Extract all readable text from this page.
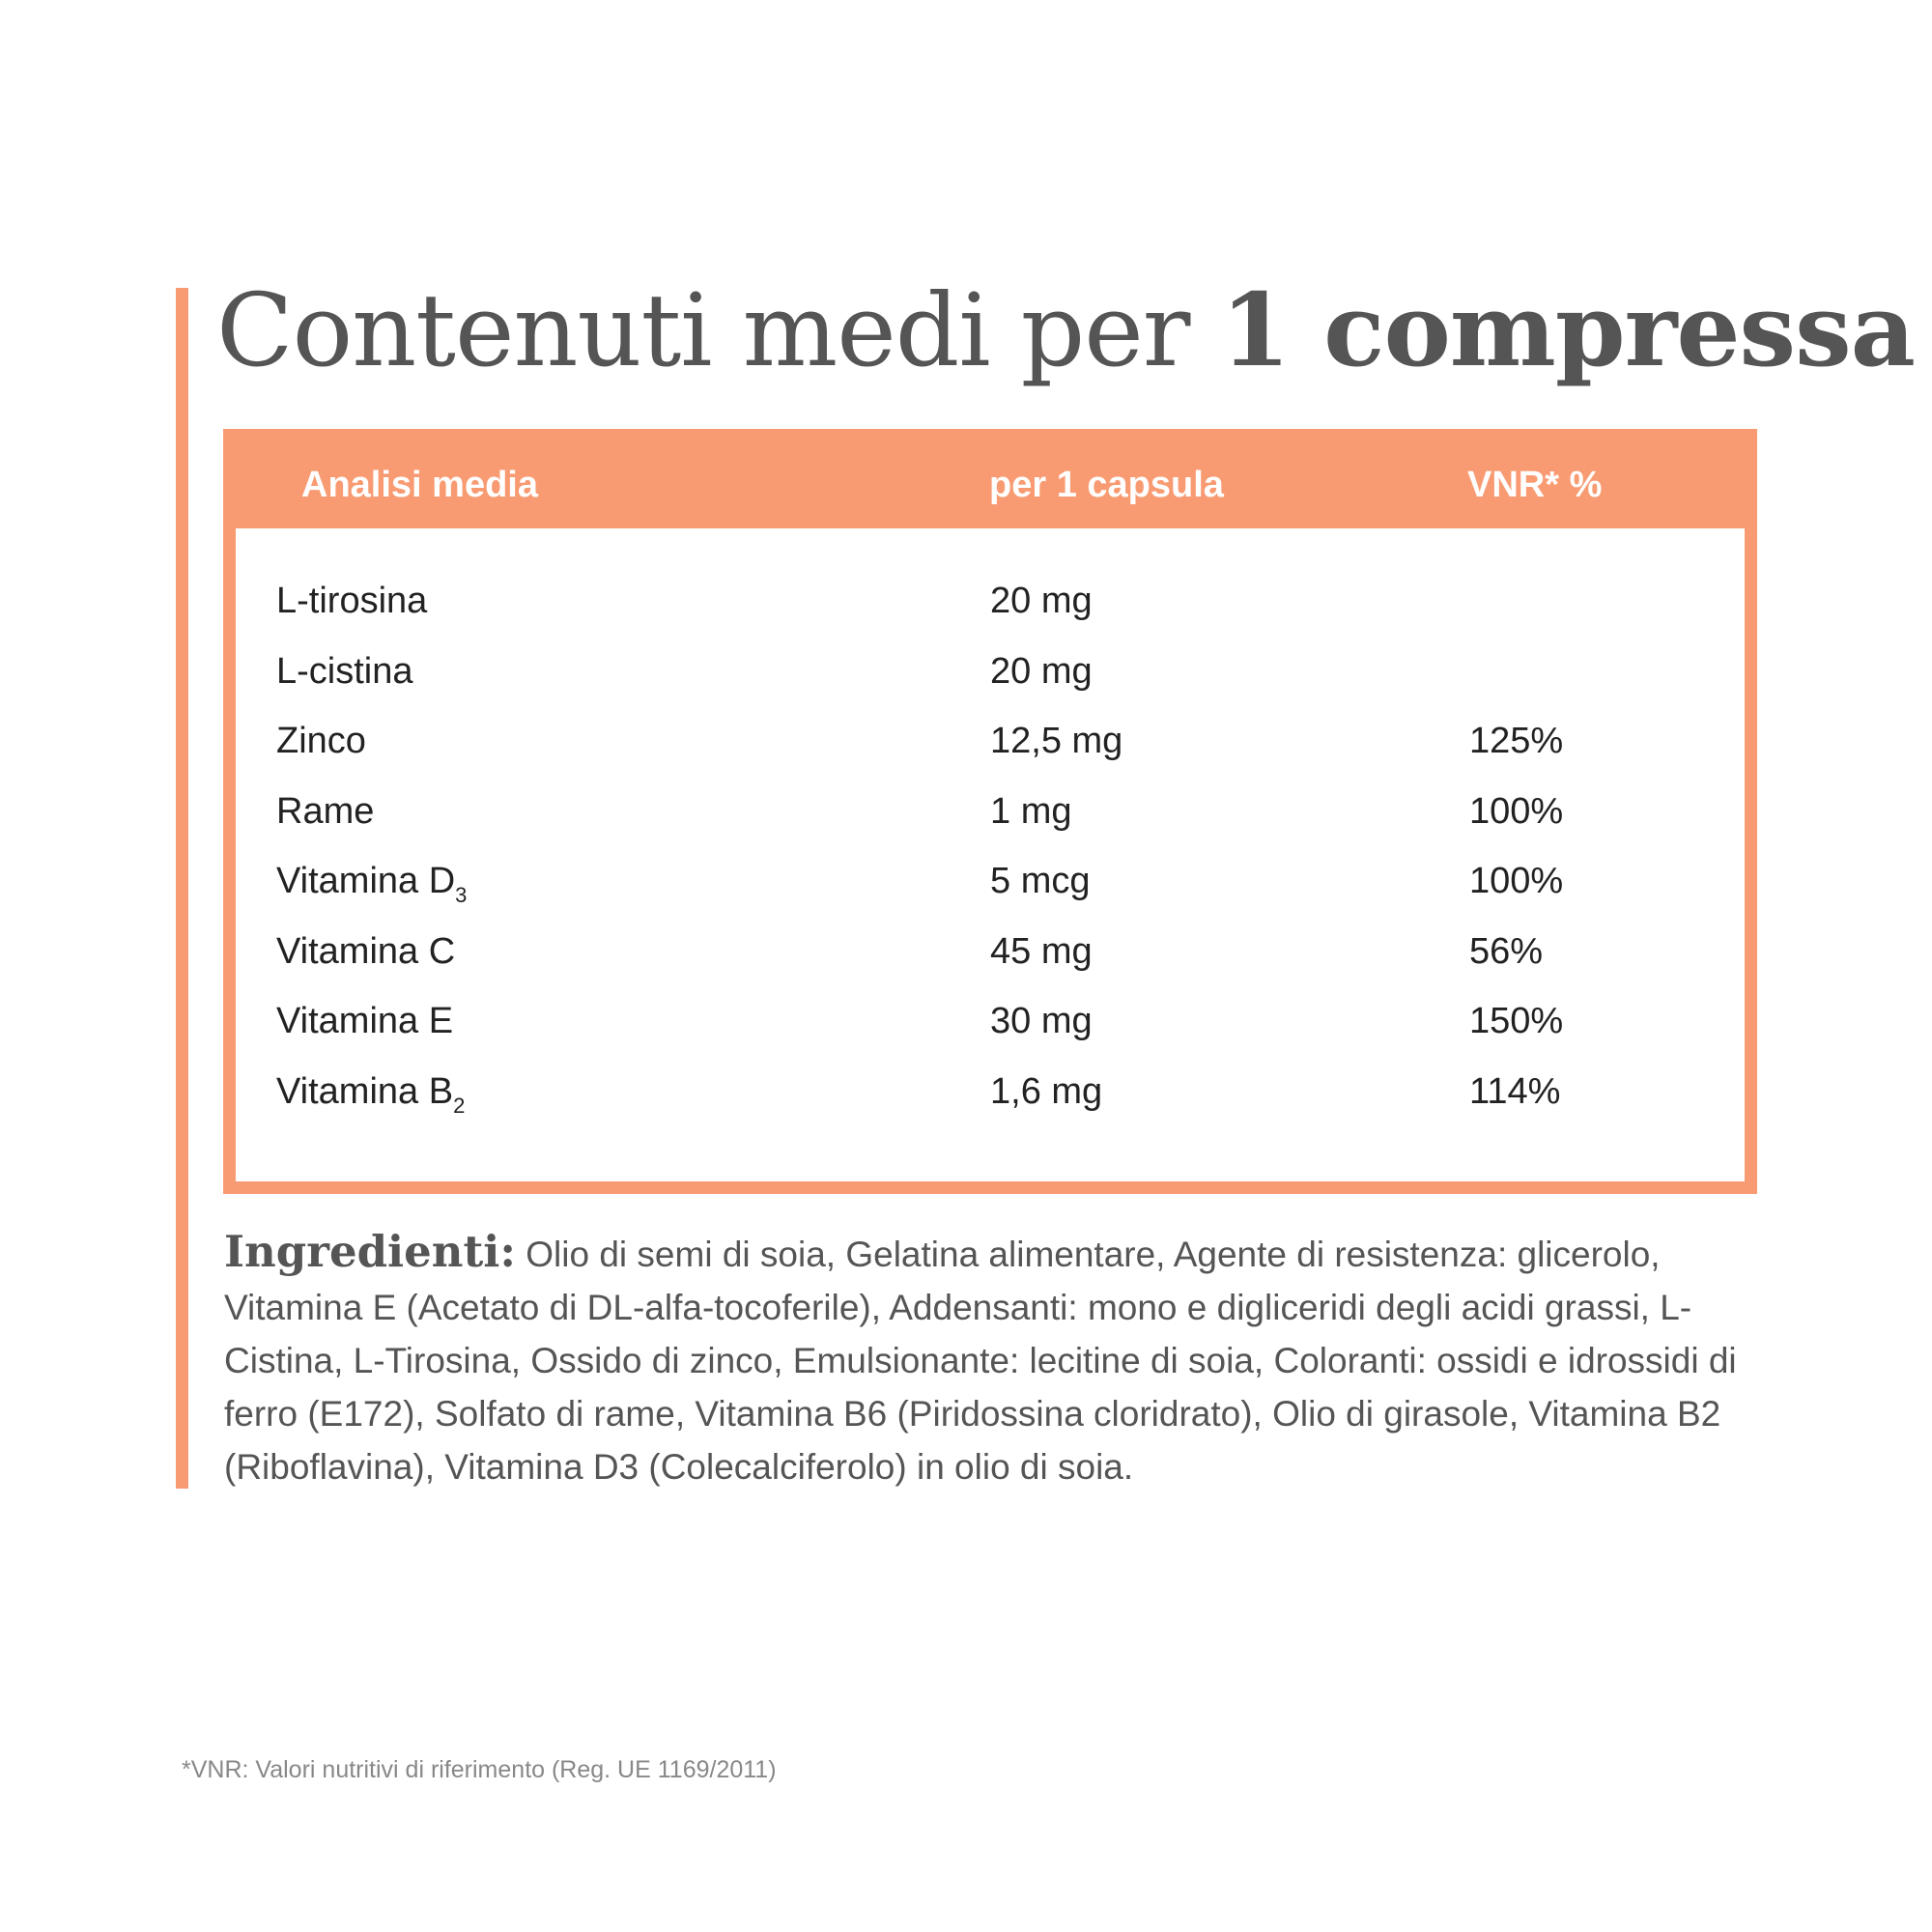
Contenuti medi per 1 compressa
Analisi media	per 1 capsula	VNR* %
L-tirosina	20 mg
L-cistina	20 mg
Zinco	12,5 mg	125%
Rame	1 mg	100%
Vitamina $D_3$	5 mcg	100%
Vitamina C	45 mg	56%
Vitamina E	30 mg	150%
Vitamina $B_2$	1,6 mg	114%

Ingredienti: Olio di semi di soia, Gelatina alimentare, Agente di resistenza: glicerolo, Vitamina E (Acetato di DL-alfa-tocoferile), Addensanti: mono e digliceridi degli acidi grassi, L-Cistina, L-Tirosina, Ossido di zinco, Emulsionante: lecitine di soia, Coloranti: ossidi e idrossidi di ferro (E172), Solfato di rame, Vitamina B6 (Piridossina cloridrato), Olio di girasole, Vitamina B2 (Riboflavina), Vitamina D3 (Colecalciferolo) in olio di soia.

*VNR: Valori nutritivi di riferimento (Reg. UE 1169/2011)
